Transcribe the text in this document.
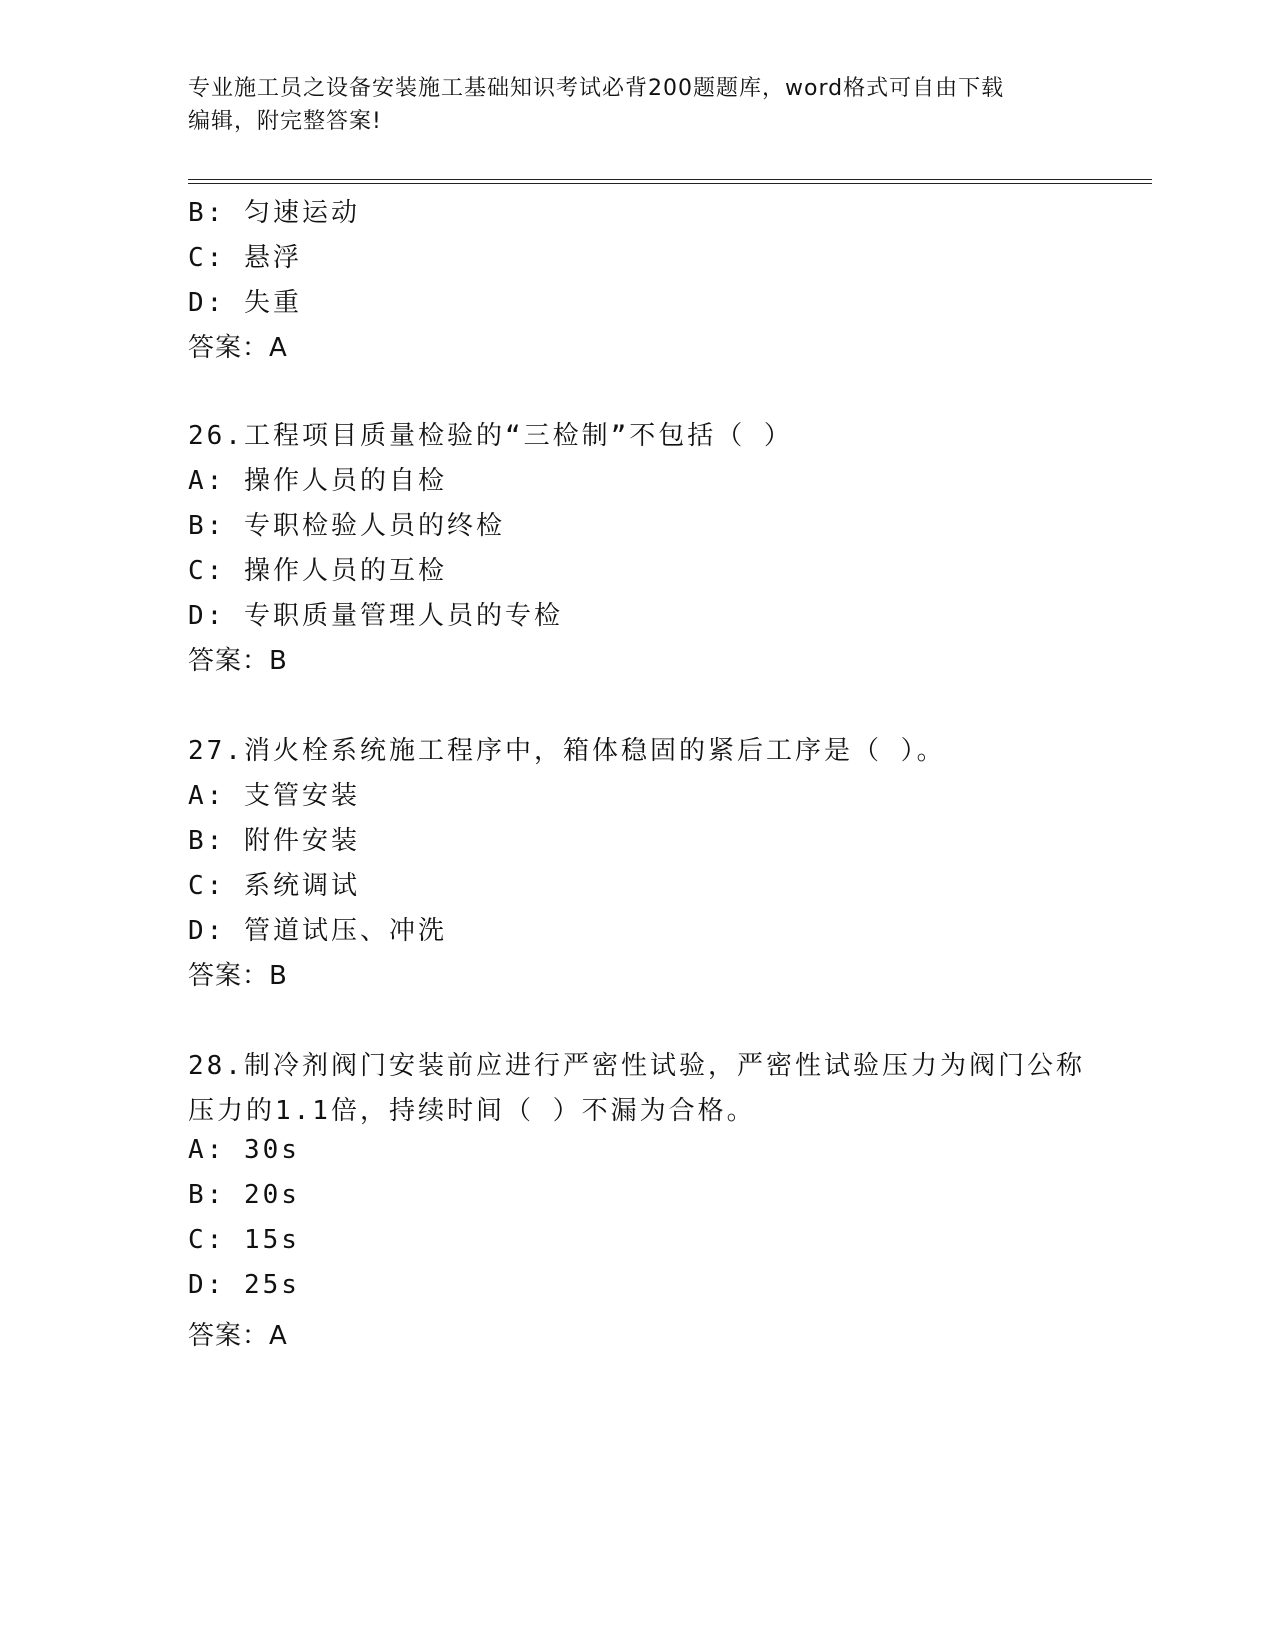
专业施工员之设备安装施工基础知识考试必背200题题库，word格式可自由下载
编辑，附完整答案!
B: 匀速运动
C: 悬浮
D: 失重
答案：A
26.工程项目质量检验的“三检制”不包括（ ）
A: 操作人员的自检
B: 专职检验人员的终检
C: 操作人员的互检
D: 专职质量管理人员的专检
答案：B
27.消火栓系统施工程序中，箱体稳固的紧后工序是（ ）。
A: 支管安装
B: 附件安装
C: 系统调试
D: 管道试压、冲洗
答案：B
28.制冷剂阀门安装前应进行严密性试验，严密性试验压力为阀门公称
压力的1.1倍，持续时间（ ）不漏为合格。
A: 30s
B: 20s
C: 15s
D: 25s
答案：A
